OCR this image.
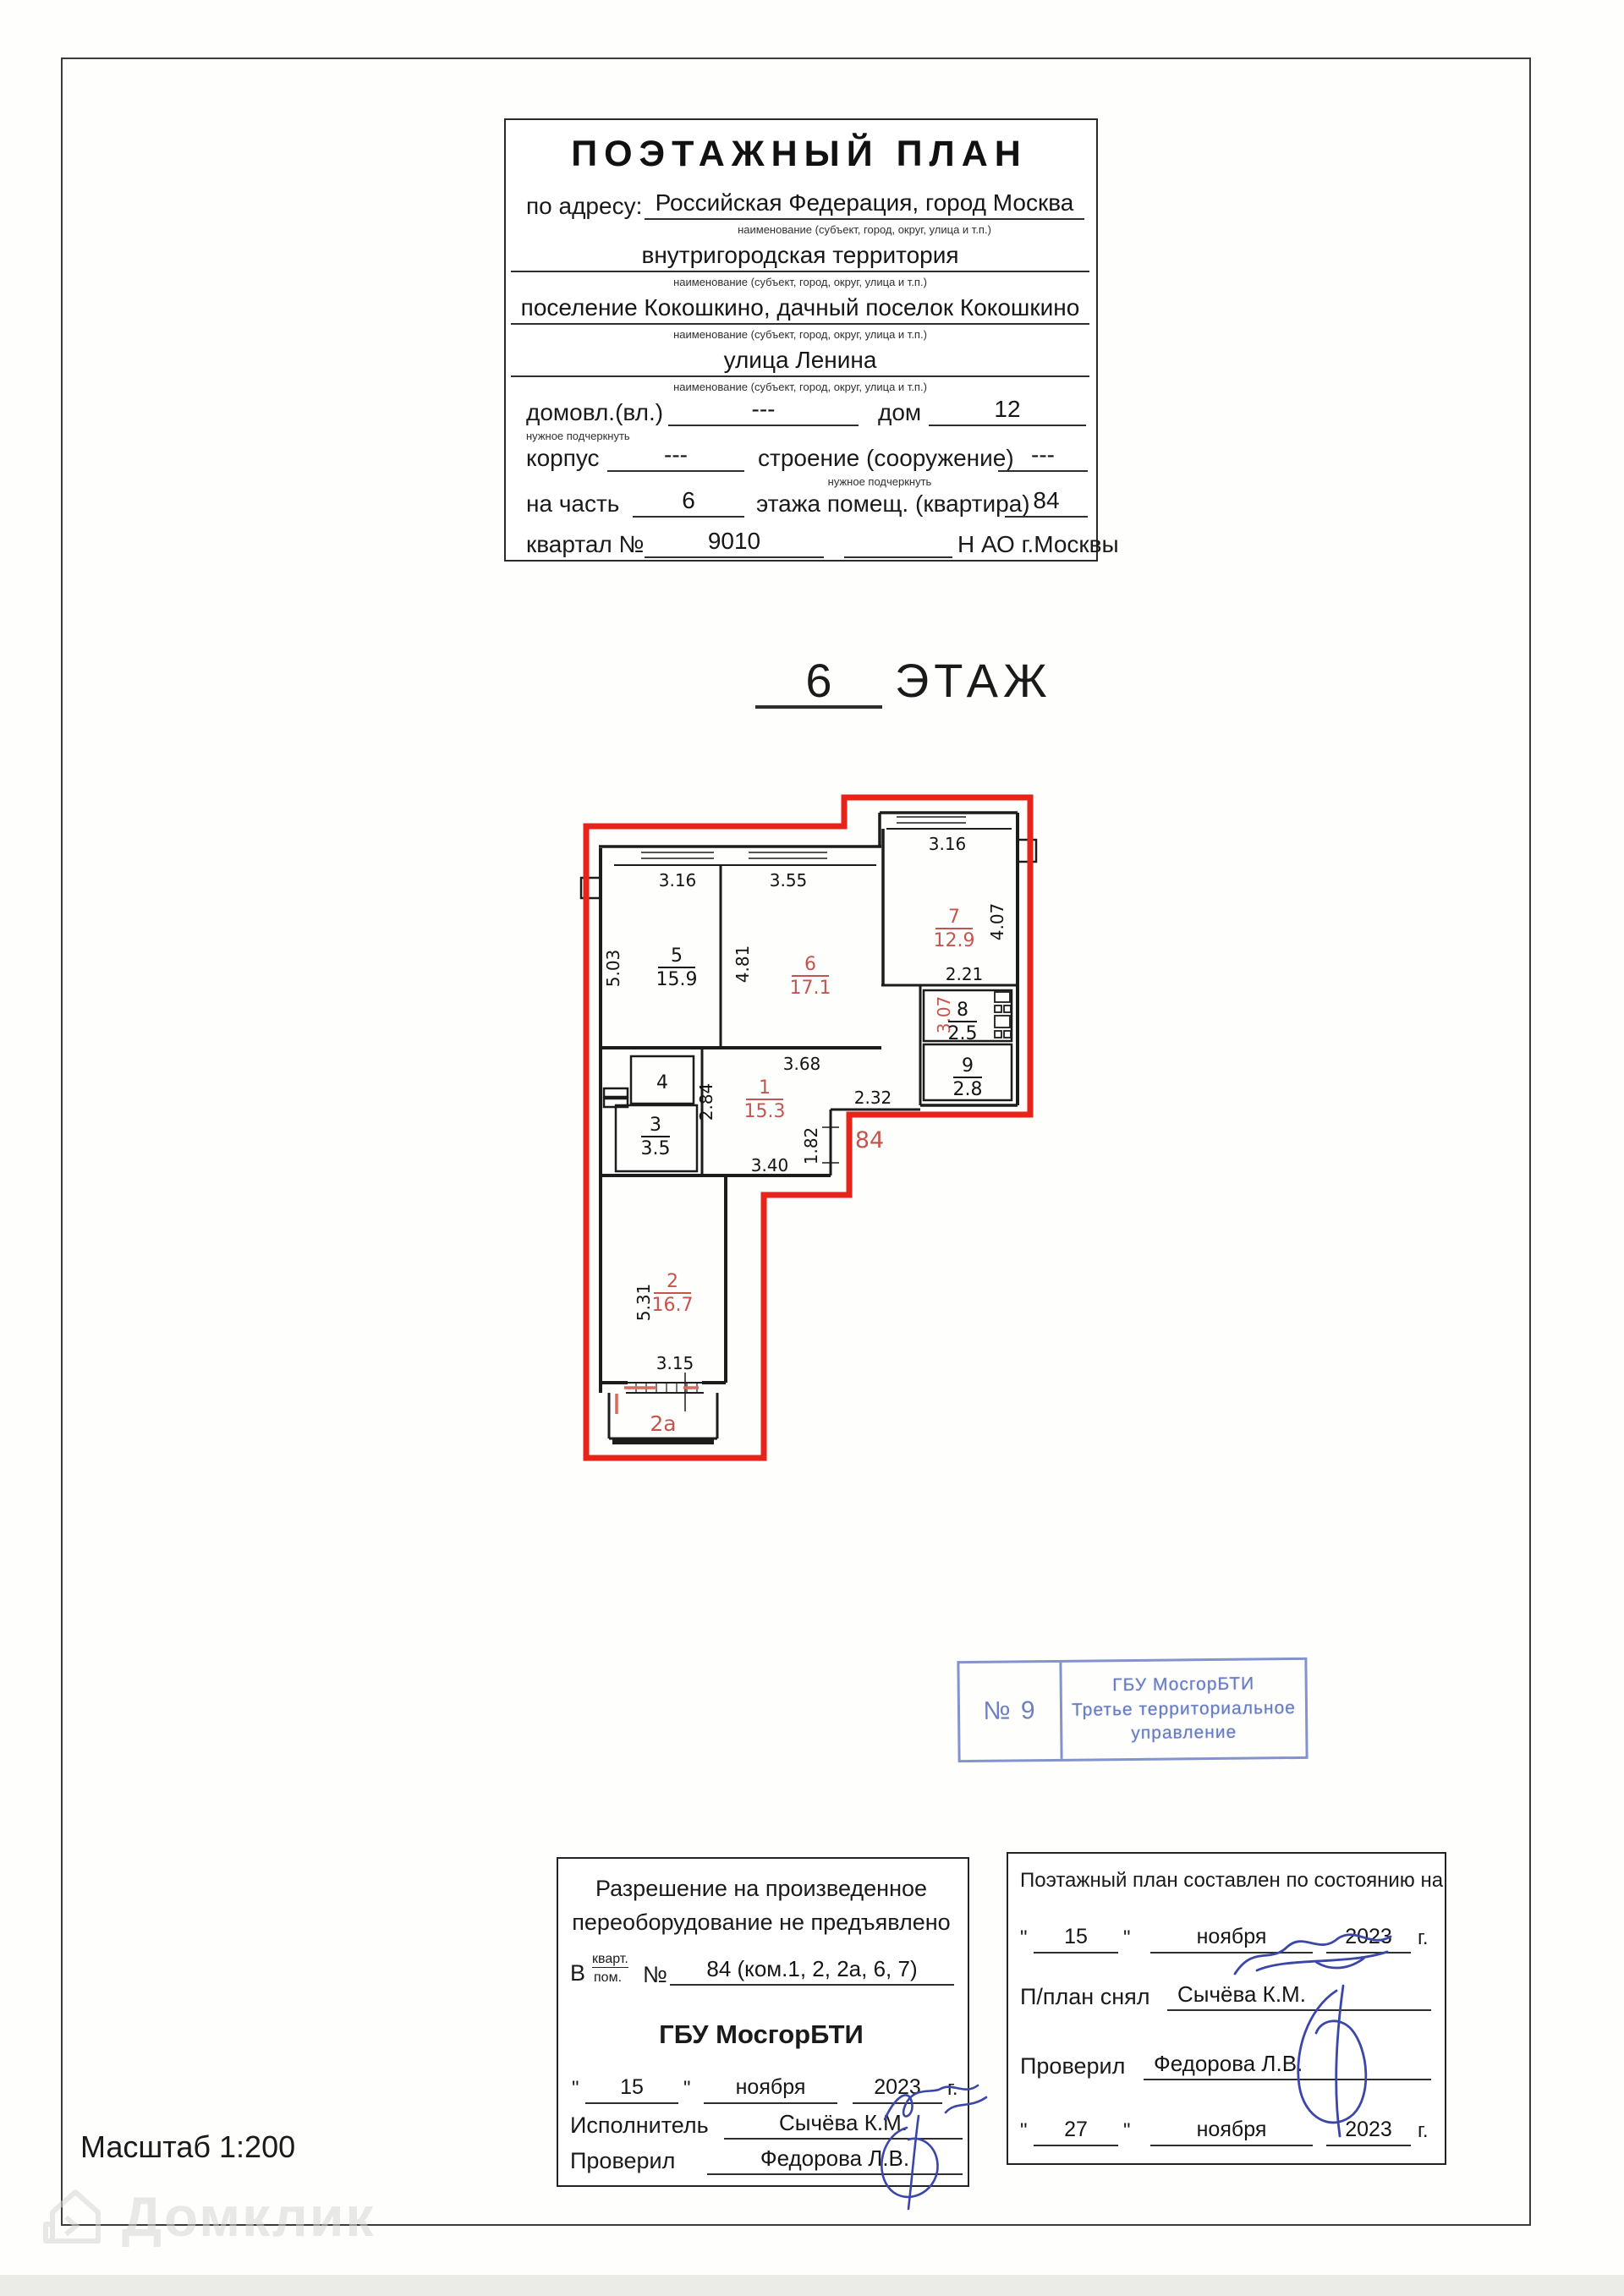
ПОЭТАЖНЫЙ ПЛАН
по адресу: Российская Федерация, город Москва
наименование (субъект, город, округ, улица и т.п.)
внутригородская территория
наименование (субъект, город, округ, улица и т.п.)
поселение Кокошкино, дачный поселок Кокошкино
наименование (субъект, город, округ, улица и т.п.)
улица Ленина
наименование (субъект, город, округ, улица и т.п.)
домовл.(вл.)	---	дом	12
нужное подчеркнуть
корпус	---	строение (сооружение) ---
нужное подчеркнуть
на часть	6	этажа помещ. (квартира) 84
квартал №	9010	Н АО г.Москвы
6	ЭТАЖ
3.16	3.55
3.16
5.03	4.81
4.07
2.21
3.68
2.84	2.32
1.82
3.40
5.31
3.15
3.07
5
15.9
4
3
3.5
8
2.5
9
2.8
6
17.1
7
12.9
1
15.3
2
16.7
2а
84
№ 9
ГБУ МосгорБТИ
Третье территориальное
управление
Разрешение на произведенное
переоборудование не предъявлено
В
кварт.
пом. №	84 (ком.1, 2, 2а, 6, 7)
ГБУ МосгорБТИ
"	15	"	ноября	2023	г.
Исполнитель	Сычёва К.М.
Проверил	Федорова Л.В.
Поэтажный план составлен по состоянию на
"	15	"	ноября	2023	г.
П/план снял	Сычёва К.М.
Проверил	Федорова Л.В.
"	27	"	ноября	2023	г.
Масштаб 1:200
Домклик
